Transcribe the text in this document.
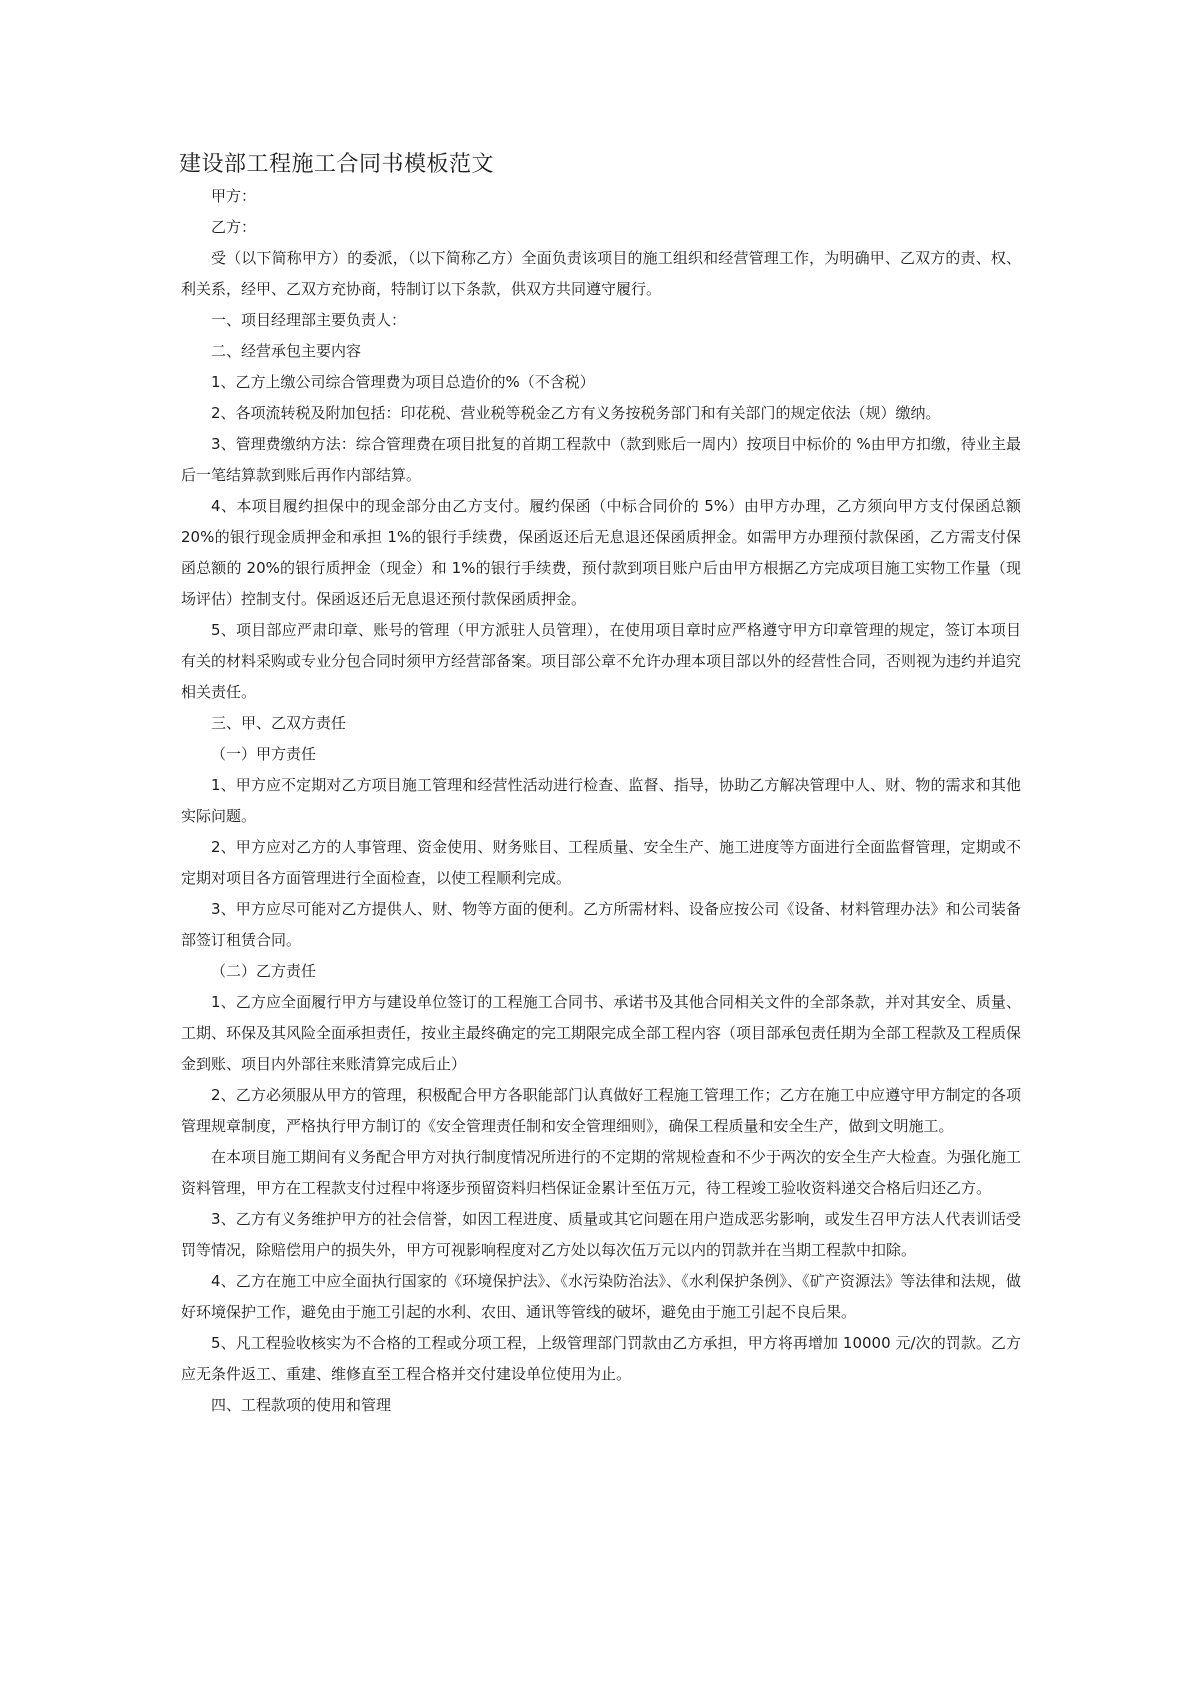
建设部工程施工合同书模板范文

甲方：

乙方：

受（以下简称甲方）的委派，（以下简称乙方）全面负责该项目的施工组织和经营管理工作，为明确甲、乙双方的责、权、利关系，经甲、乙双方充协商，特制订以下条款，供双方共同遵守履行。

一、项目经理部主要负责人：

二、经营承包主要内容

1、乙方上缴公司综合管理费为项目总造价的%（不含税）

2、各项流转税及附加包括：印花税、营业税等税金乙方有义务按税务部门和有关部门的规定依法（规）缴纳。

3、管理费缴纳方法：综合管理费在项目批复的首期工程款中（款到账后一周内）按项目中标价的 %由甲方扣缴，待业主最后一笔结算款到账后再作内部结算。

4、本项目履约担保中的现金部分由乙方支付。履约保函（中标合同价的 5%）由甲方办理，乙方须向甲方支付保函总额 20%的银行现金质押金和承担 1%的银行手续费，保函返还后无息退还保函质押金。如需甲方办理预付款保函，乙方需支付保函总额的 20%的银行质押金（现金）和 1%的银行手续费，预付款到项目账户后由甲方根据乙方完成项目施工实物工作量（现场评估）控制支付。保函返还后无息退还预付款保函质押金。

5、项目部应严肃印章、账号的管理（甲方派驻人员管理），在使用项目章时应严格遵守甲方印章管理的规定，签订本项目有关的材料采购或专业分包合同时须甲方经营部备案。项目部公章不允许办理本项目部以外的经营性合同，否则视为违约并追究相关责任。

三、甲、乙双方责任

（一）甲方责任

1、甲方应不定期对乙方项目施工管理和经营性活动进行检查、监督、指导，协助乙方解决管理中人、财、物的需求和其他实际问题。

2、甲方应对乙方的人事管理、资金使用、财务账目、工程质量、安全生产、施工进度等方面进行全面监督管理，定期或不定期对项目各方面管理进行全面检查，以使工程顺利完成。

3、甲方应尽可能对乙方提供人、财、物等方面的便利。乙方所需材料、设备应按公司《设备、材料管理办法》和公司装备部签订租赁合同。

（二）乙方责任

1、乙方应全面履行甲方与建设单位签订的工程施工合同书、承诺书及其他合同相关文件的全部条款，并对其安全、质量、工期、环保及其风险全面承担责任，按业主最终确定的完工期限完成全部工程内容（项目部承包责任期为全部工程款及工程质保金到账、项目内外部往来账清算完成后止）

2、乙方必须服从甲方的管理，积极配合甲方各职能部门认真做好工程施工管理工作；乙方在施工中应遵守甲方制定的各项管理规章制度，严格执行甲方制订的《安全管理责任制和安全管理细则》，确保工程质量和安全生产，做到文明施工。

在本项目施工期间有义务配合甲方对执行制度情况所进行的不定期的常规检查和不少于两次的安全生产大检查。为强化施工资料管理，甲方在工程款支付过程中将逐步预留资料归档保证金累计至伍万元，待工程竣工验收资料递交合格后归还乙方。

3、乙方有义务维护甲方的社会信誉，如因工程进度、质量或其它问题在用户造成恶劣影响，或发生召甲方法人代表训话受罚等情况，除赔偿用户的损失外，甲方可视影响程度对乙方处以每次伍万元以内的罚款并在当期工程款中扣除。

4、乙方在施工中应全面执行国家的《环境保护法》、《水污染防治法》、《水利保护条例》、《矿产资源法》等法律和法规，做好环境保护工作，避免由于施工引起的水利、农田、通讯等管线的破坏，避免由于施工引起不良后果。

5、凡工程验收核实为不合格的工程或分项工程，上级管理部门罚款由乙方承担，甲方将再增加 10000 元/次的罚款。乙方应无条件返工、重建、维修直至工程合格并交付建设单位使用为止。

四、工程款项的使用和管理
